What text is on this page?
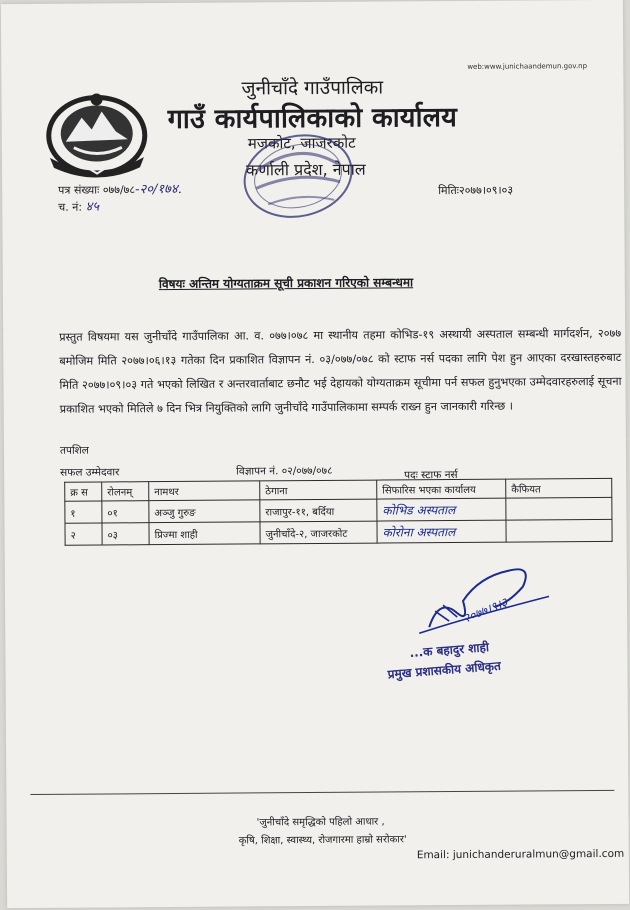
web:www.junichaandemun.gov.np
जुनीचाँदे गाउँपालिका
गाउँ कार्यपालिकाको कार्यालय
मजकोट, जाजरकोट
कर्णाली प्रदेश, नेपाल
पत्र संख्याः ०७७/७८-२०/१७४.
च. नं: ४५
मितिः२०७७।०९।०३
विषयः अन्तिम योग्यताक्रम सूची प्रकाशन गरिएको सम्बन्धमा
प्रस्तुत विषयमा यस जुनीचाँदे गाउँपालिका आ. व. ०७७।०७८ मा स्थानीय तहमा कोभिड-१९ अस्थायी अस्पताल सम्बन्धी मार्गदर्शन, २०७७ बमोजिम मिति २०७७।०६।१३ गतेका दिन प्रकाशित विज्ञापन नं. ०३/०७७/०७८ को स्टाफ नर्स पदका लागि पेश हुन आएका दरखास्तहरुबाट मिति २०७७।०९।०३ गते भएको लिखित र अन्तरवार्ताबाट छनौट भई देहायको योग्यताक्रम सूचीमा पर्न सफल हुनुभएका उम्मेदवारहरुलाई सूचना प्रकाशित भएको मितिले ७ दिन भित्र नियुक्तिको लागि जुनीचाँदे गाउँपालिकामा सम्पर्क राख्न हुन जानकारी गरिन्छ ।
तपशिल
सफल उम्मेदवार	विज्ञापन नं. ०२/०७७/०७८	पदः स्टाफ नर्स
क्र स	रोलनम्	नामथर	ठेगाना	सिफारिस भएका कार्यालय	कैफियत
१	०१	अञ्जु गुरुङ	राजापुर-११, बर्दिया	कोभिड अस्पताल	
२	०३	प्रिज्मा शाही	जुनीचाँदे-२, जाजरकोट	कोरोना अस्पताल	
२०७७।९।३
...क बहादुर शाही
प्रमुख प्रशासकीय अधिकृत
'जुनीचाँदे समृद्धिको पहिलो आधार ,
कृषि, शिक्षा, स्वास्थ्य, रोजगारमा हाम्रो सरोकार'
Email: junichanderuralmun@gmail.com
